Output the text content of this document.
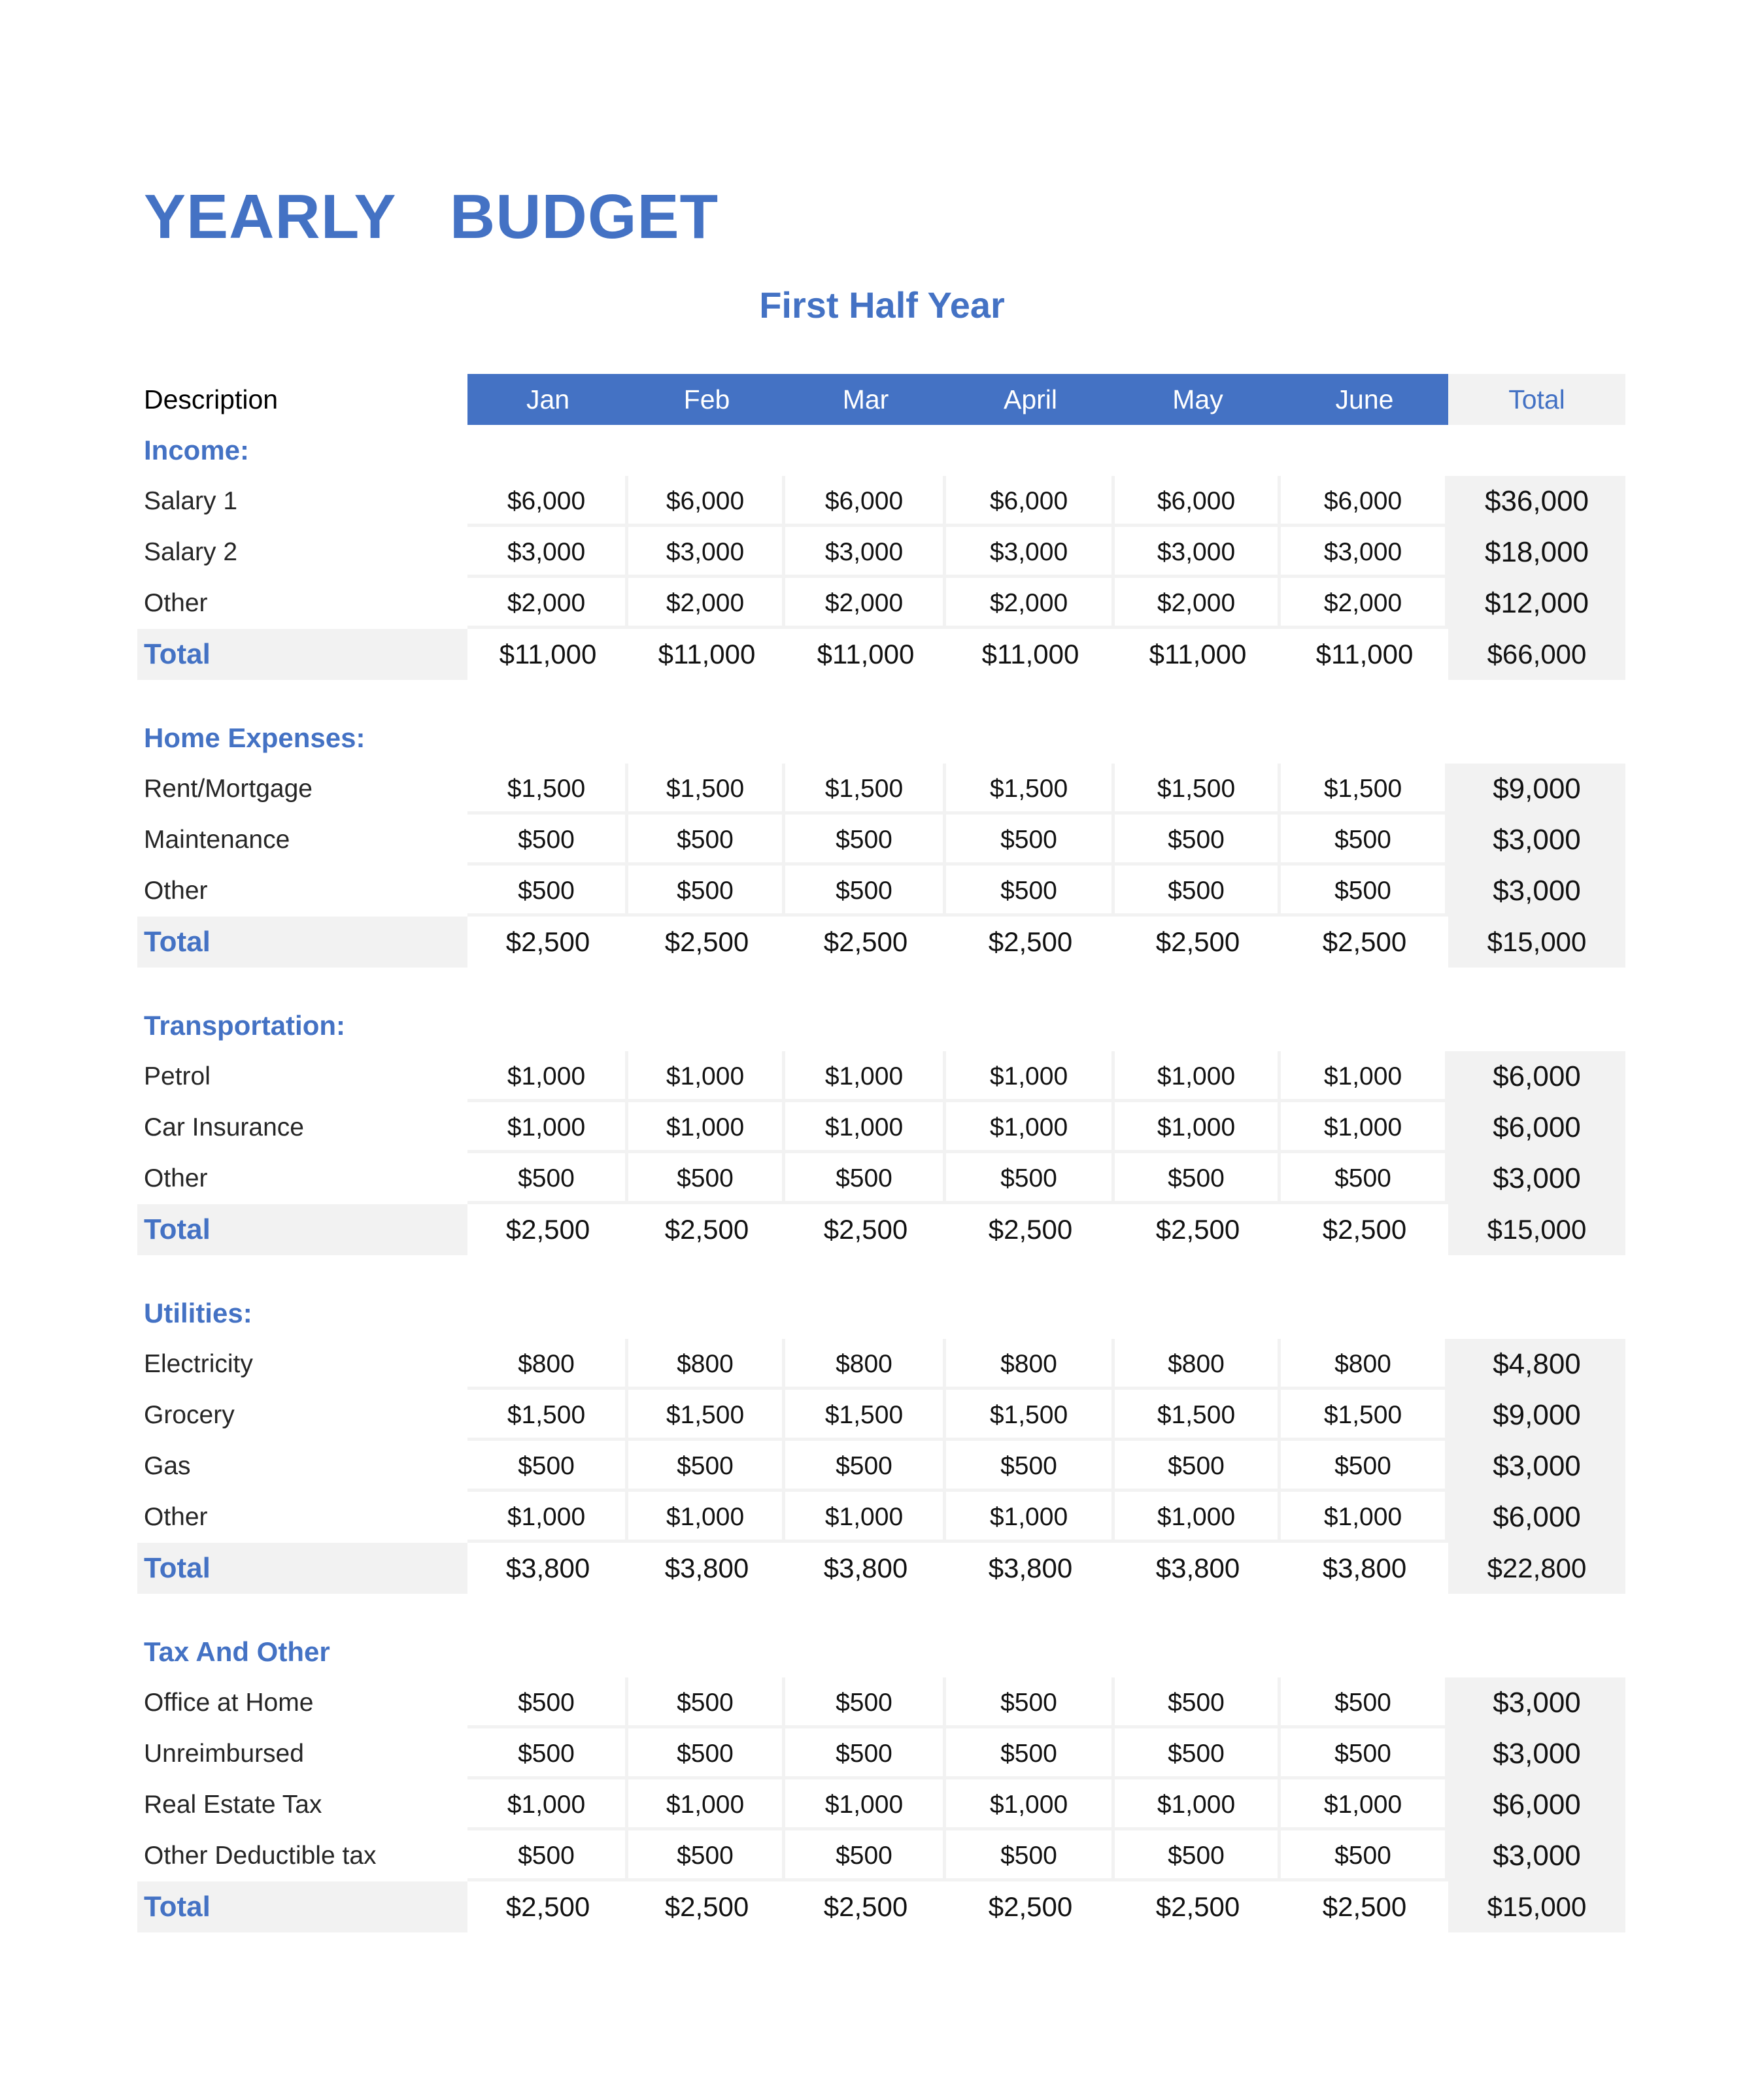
YEARLY   BUDGET
First Half Year
Description	Jan	Feb	Mar	April	May	June	Total
Income:
Salary 1	$6,000	$6,000	$6,000	$6,000	$6,000	$6,000	$36,000
Salary 2	$3,000	$3,000	$3,000	$3,000	$3,000	$3,000	$18,000
Other	$2,000	$2,000	$2,000	$2,000	$2,000	$2,000	$12,000
Total	$11,000	$11,000	$11,000	$11,000	$11,000	$11,000	$66,000
Home Expenses:
Rent/Mortgage	$1,500	$1,500	$1,500	$1,500	$1,500	$1,500	$9,000
Maintenance	$500	$500	$500	$500	$500	$500	$3,000
Other	$500	$500	$500	$500	$500	$500	$3,000
Total	$2,500	$2,500	$2,500	$2,500	$2,500	$2,500	$15,000
Transportation:
Petrol	$1,000	$1,000	$1,000	$1,000	$1,000	$1,000	$6,000
Car Insurance	$1,000	$1,000	$1,000	$1,000	$1,000	$1,000	$6,000
Other	$500	$500	$500	$500	$500	$500	$3,000
Total	$2,500	$2,500	$2,500	$2,500	$2,500	$2,500	$15,000
Utilities:
Electricity	$800	$800	$800	$800	$800	$800	$4,800
Grocery	$1,500	$1,500	$1,500	$1,500	$1,500	$1,500	$9,000
Gas	$500	$500	$500	$500	$500	$500	$3,000
Other	$1,000	$1,000	$1,000	$1,000	$1,000	$1,000	$6,000
Total	$3,800	$3,800	$3,800	$3,800	$3,800	$3,800	$22,800
Tax And Other
Office at Home	$500	$500	$500	$500	$500	$500	$3,000
Unreimbursed	$500	$500	$500	$500	$500	$500	$3,000
Real Estate Tax	$1,000	$1,000	$1,000	$1,000	$1,000	$1,000	$6,000
Other Deductible tax	$500	$500	$500	$500	$500	$500	$3,000
Total	$2,500	$2,500	$2,500	$2,500	$2,500	$2,500	$15,000
